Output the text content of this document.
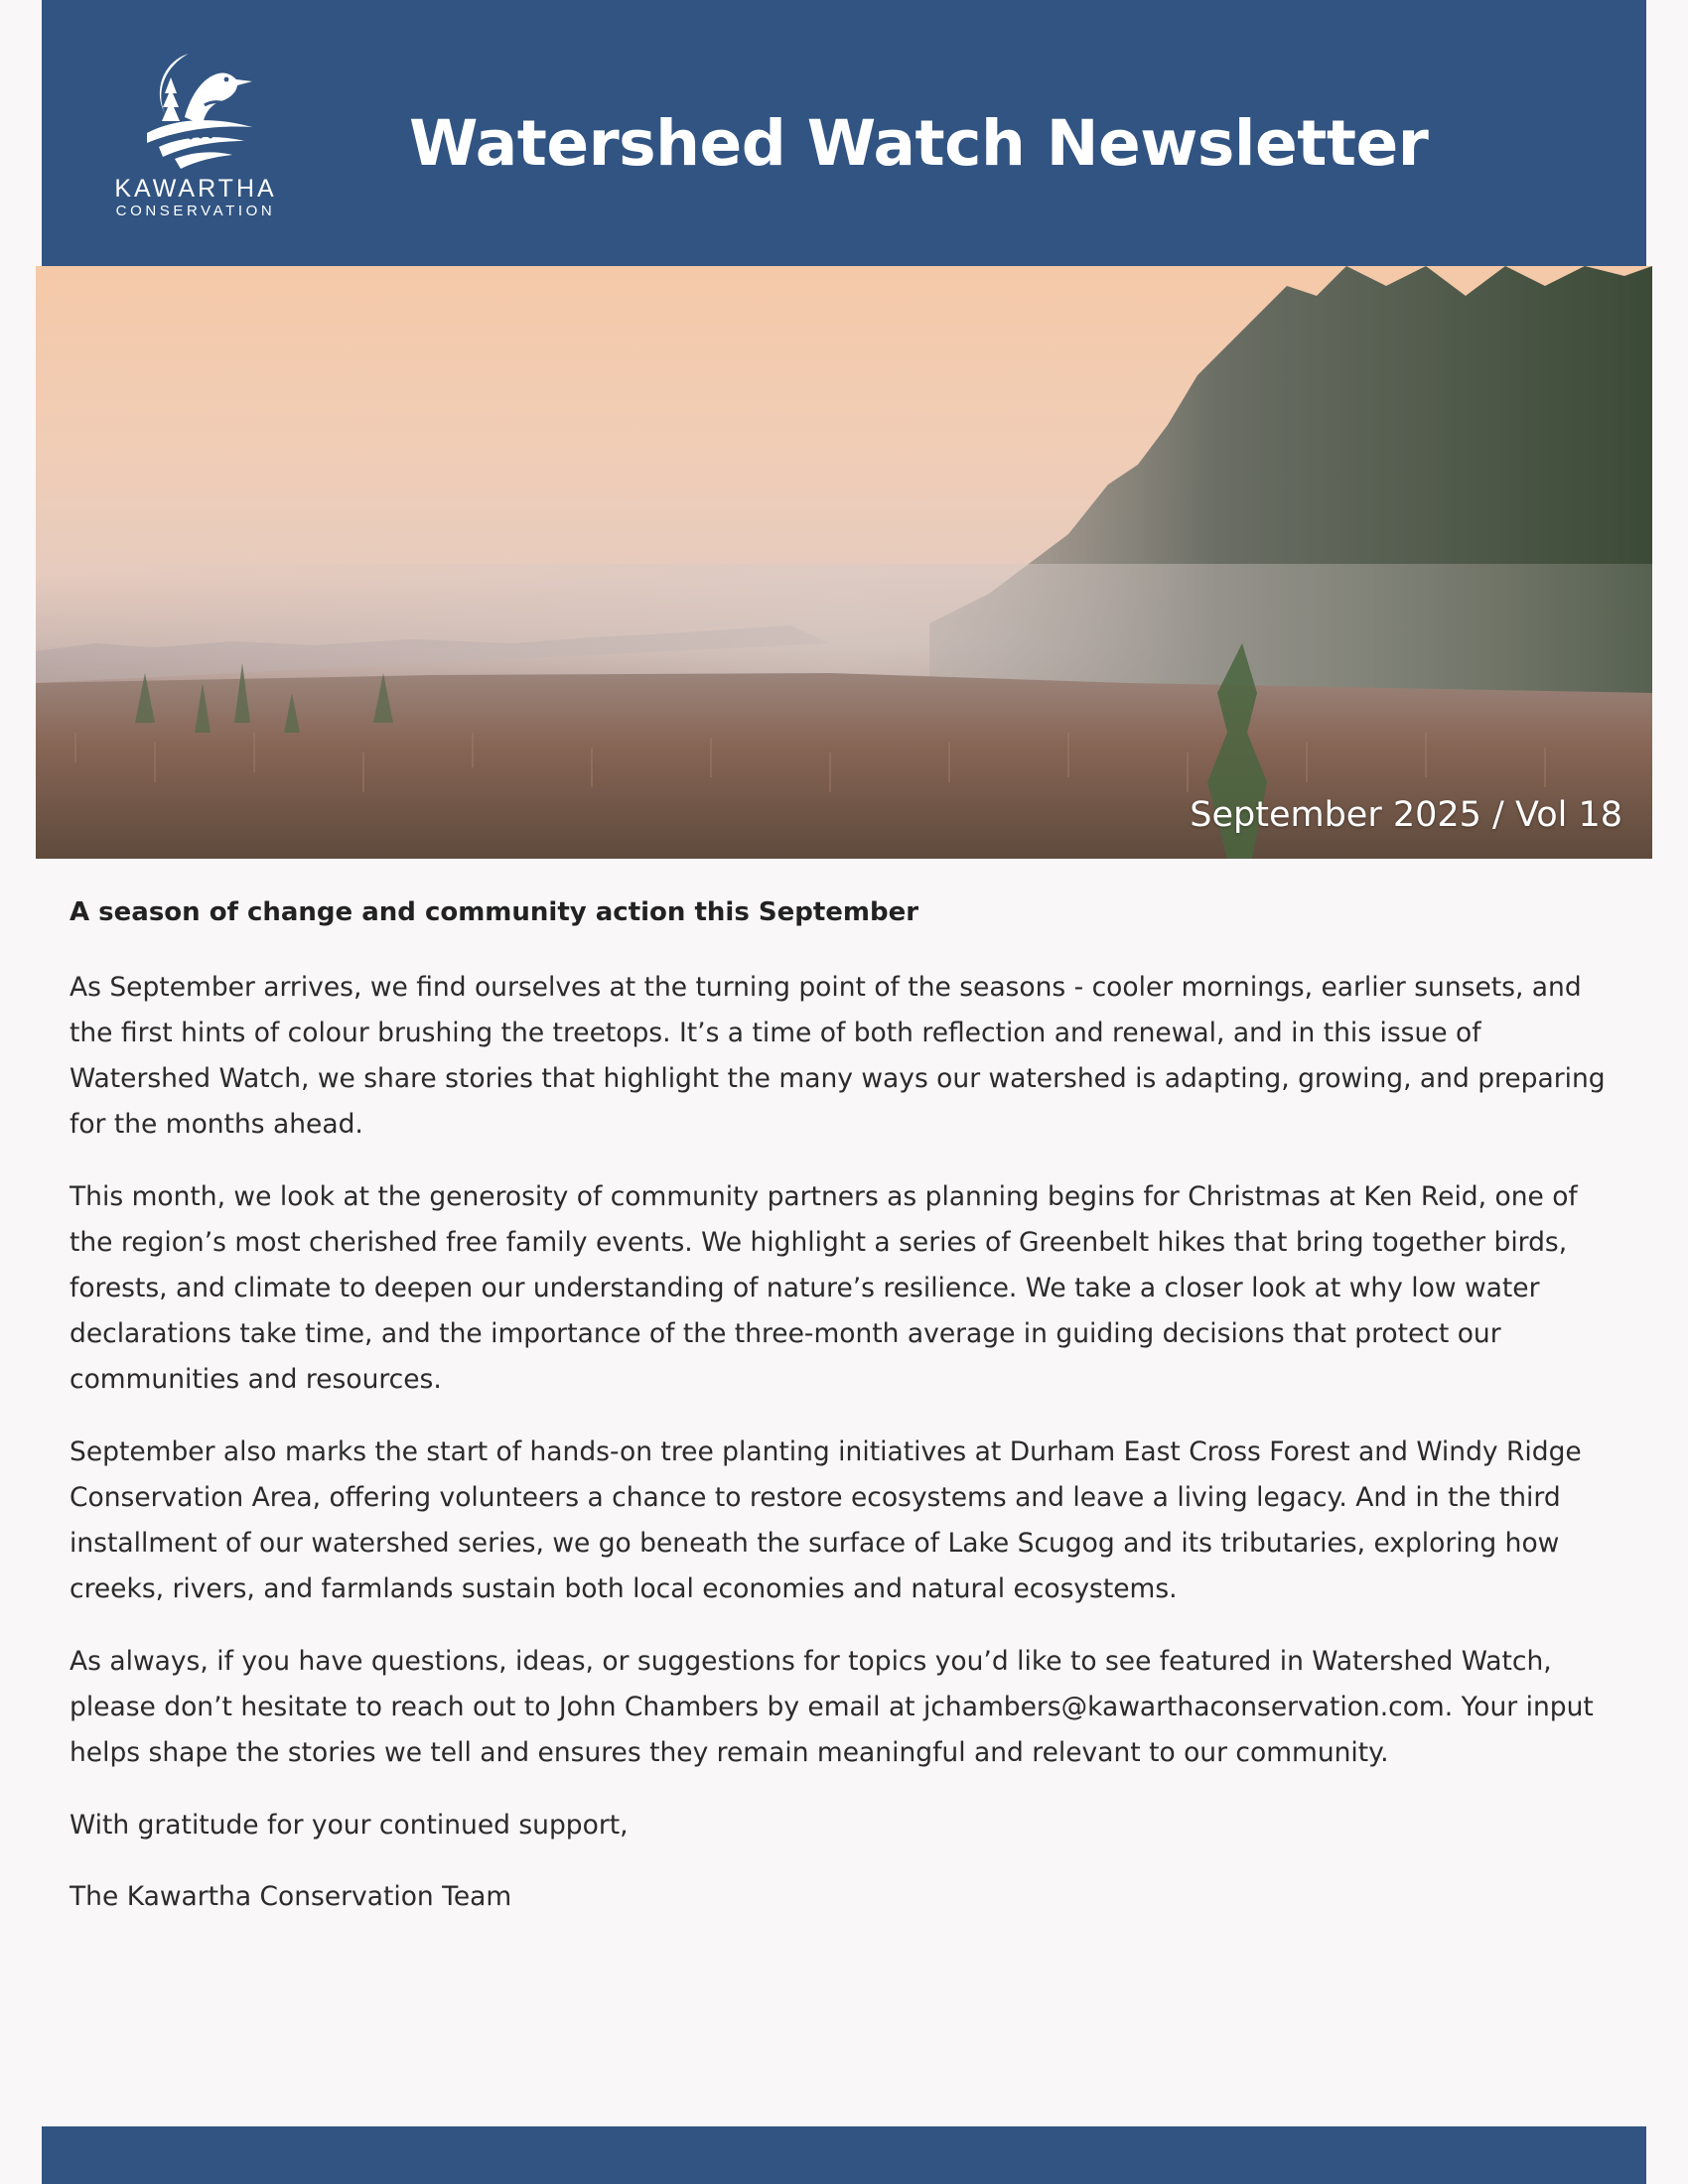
KAWARTHA
CONSERVATION
Watershed Watch Newsletter
September 2025 / Vol 18
A season of change and community action this September

As September arrives, we find ourselves at the turning point of the seasons - cooler mornings, earlier sunsets, and the first hints of colour brushing the treetops. It’s a time of both reflection and renewal, and in this issue of Watershed Watch, we share stories that highlight the many ways our watershed is adapting, growing, and preparing for the months ahead.

This month, we look at the generosity of community partners as planning begins for Christmas at Ken Reid, one of the region’s most cherished free family events. We highlight a series of Greenbelt hikes that bring together birds, forests, and climate to deepen our understanding of nature’s resilience. We take a closer look at why low water declarations take time, and the importance of the three-month average in guiding decisions that protect our communities and resources.

September also marks the start of hands-on tree planting initiatives at Durham East Cross Forest and Windy Ridge Conservation Area, offering volunteers a chance to restore ecosystems and leave a living legacy. And in the third installment of our watershed series, we go beneath the surface of Lake Scugog and its tributaries, exploring how creeks, rivers, and farmlands sustain both local economies and natural ecosystems.

As always, if you have questions, ideas, or suggestions for topics you’d like to see featured in Watershed Watch, please don’t hesitate to reach out to John Chambers by email at jchambers@kawarthaconservation.com. Your input helps shape the stories we tell and ensures they remain meaningful and relevant to our community.

With gratitude for your continued support,

The Kawartha Conservation Team
